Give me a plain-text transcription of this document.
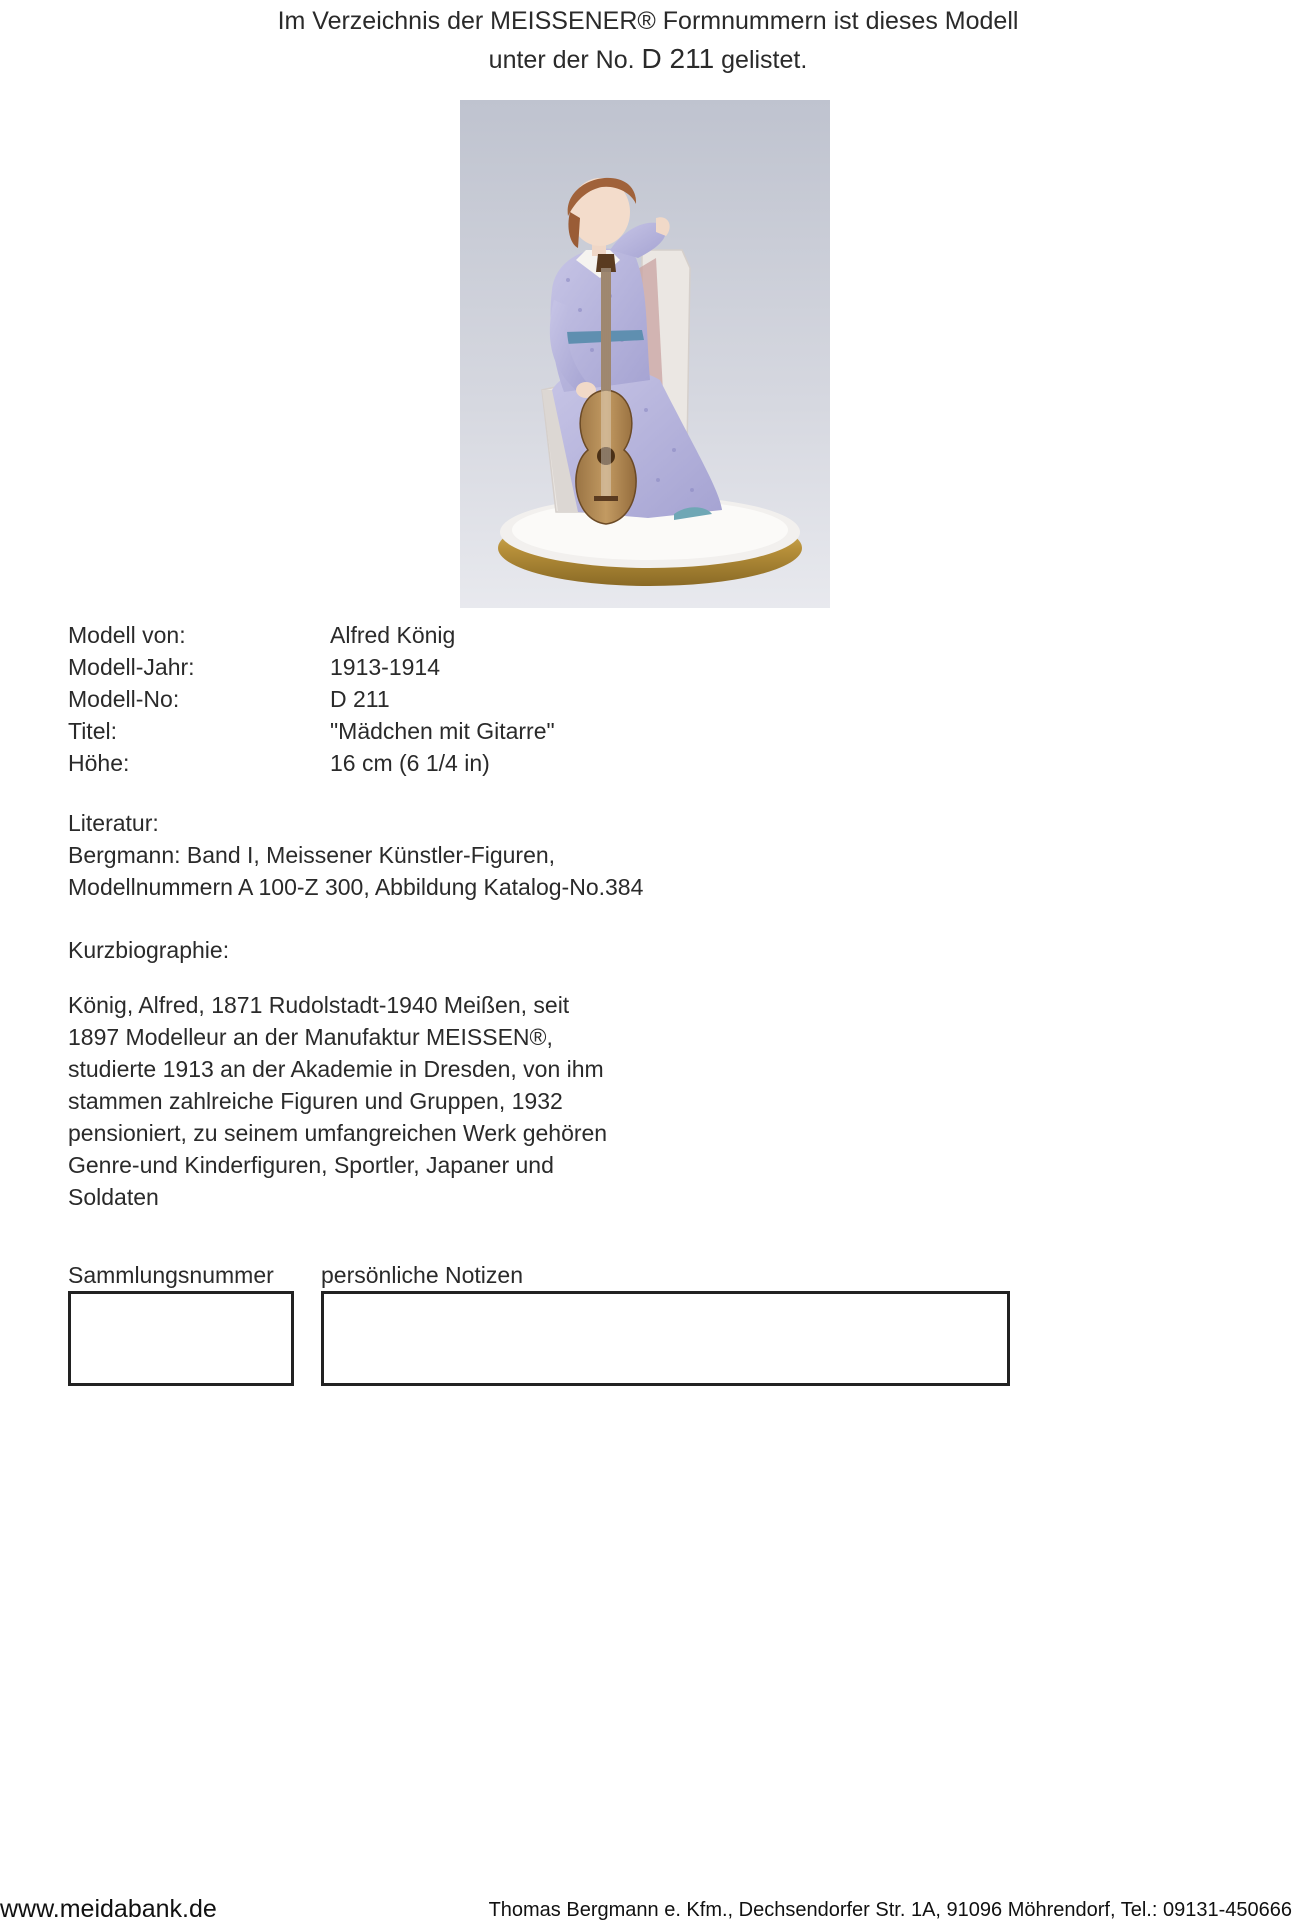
Im Verzeichnis der MEISSENER® Formnummern ist dieses Modell
unter der No. D 211 gelistet.
Modell von:	Alfred König
Modell-Jahr:	1913-1914
Modell-No:	D 211
Titel:	"Mädchen mit Gitarre"
Höhe:	16 cm (6 1/4 in)
Literatur:
Bergmann: Band I, Meissener Künstler-Figuren,
Modellnummern A 100-Z 300, Abbildung Katalog-No.384
Kurzbiographie:
König, Alfred, 1871 Rudolstadt-1940 Meißen, seit
1897 Modelleur an der Manufaktur MEISSEN®,
studierte 1913 an der Akademie in Dresden, von ihm
stammen zahlreiche Figuren und Gruppen, 1932
pensioniert, zu seinem umfangreichen Werk gehören
Genre-und Kinderfiguren, Sportler, Japaner und
Soldaten
Sammlungsnummer persönliche Notizen
www.meidabank.de	Thomas Bergmann e. Kfm., Dechsendorfer Str. 1A, 91096 Möhrendorf, Tel.: 09131-450666
